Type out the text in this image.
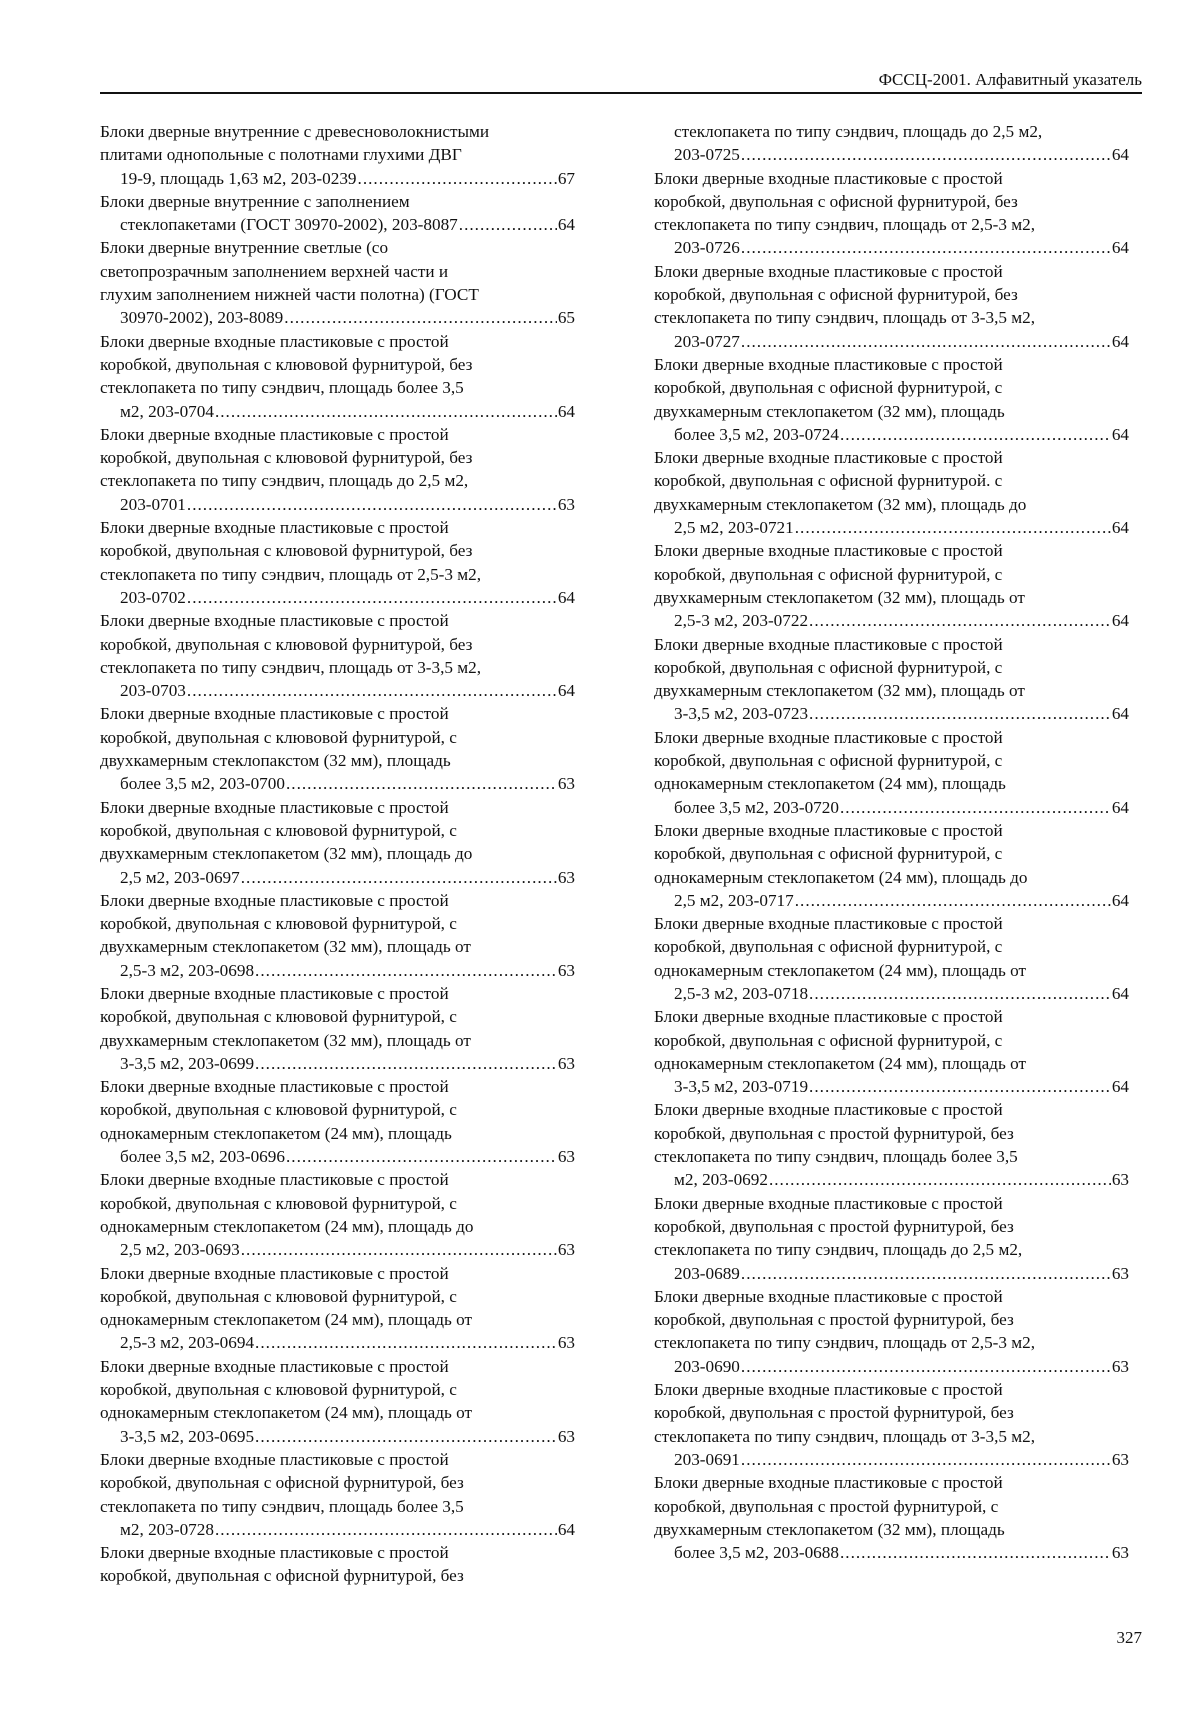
ФССЦ-2001. Алфавитный указатель
Блоки дверные внутренние с древесноволокнистыми
плитами однопольные с полотнами глухими ДВГ
19-9, площадь 1,63 м2, 203-0239 .....	67
Блоки дверные внутренние с заполнением
стеклопакетами (ГОСТ 30970-2002), 203-8087 .....	64
Блоки дверные внутренние светлые (со
светопрозрачным заполнением верхней части и
глухим заполнением нижней части полотна) (ГОСТ
30970-2002), 203-8089 .....	65
Блоки дверные входные пластиковые с простой
коробкой, двупольная с клювовой фурнитурой, без
стеклопакета по типу сэндвич, площадь более 3,5
м2, 203-0704 .....	64
Блоки дверные входные пластиковые с простой
коробкой, двупольная с клювовой фурнитурой, без
стеклопакета по типу сэндвич, площадь до 2,5 м2,
203-0701 .....	63
Блоки дверные входные пластиковые с простой
коробкой, двупольная с клювовой фурнитурой, без
стеклопакета по типу сэндвич, площадь от 2,5-3 м2,
203-0702 .....	64
Блоки дверные входные пластиковые с простой
коробкой, двупольная с клювовой фурнитурой, без
стеклопакета по типу сэндвич, площадь от 3-3,5 м2,
203-0703 .....	64
Блоки дверные входные пластиковые с простой
коробкой, двупольная с клювовой фурнитурой, с
двухкамерным стеклопакстом (32 мм), площадь
более 3,5 м2, 203-0700 .....	63
Блоки дверные входные пластиковые с простой
коробкой, двупольная с клювовой фурнитурой, с
двухкамерным стеклопакетом (32 мм), площадь до
2,5 м2, 203-0697 .....	63
Блоки дверные входные пластиковые с простой
коробкой, двупольная с клювовой фурнитурой, с
двухкамерным стеклопакетом (32 мм), площадь от
2,5-3 м2, 203-0698 .....	63
Блоки дверные входные пластиковые с простой
коробкой, двупольная с клювовой фурнитурой, с
двухкамерным стеклопакетом (32 мм), площадь от
3-3,5 м2, 203-0699 .....	63
Блоки дверные входные пластиковые с простой
коробкой, двупольная с клювовой фурнитурой, с
однокамерным стеклопакетом (24 мм), площадь
более 3,5 м2, 203-0696 .....	63
Блоки дверные входные пластиковые с простой
коробкой, двупольная с клювовой фурнитурой, с
однокамерным стеклопакетом (24 мм), площадь до
2,5 м2, 203-0693 .....	63
Блоки дверные входные пластиковые с простой
коробкой, двупольная с клювовой фурнитурой, с
однокамерным стеклопакетом (24 мм), площадь от
2,5-3 м2, 203-0694 .....	63
Блоки дверные входные пластиковые с простой
коробкой, двупольная с клювовой фурнитурой, с
однокамерным стеклопакетом (24 мм), площадь от
3-3,5 м2, 203-0695 .....	63
Блоки дверные входные пластиковые с простой
коробкой, двупольная с офисной фурнитурой, без
стеклопакета по типу сэндвич, площадь более 3,5
м2, 203-0728 .....	64
Блоки дверные входные пластиковые с простой
коробкой, двупольная с офисной фурнитурой, без
стеклопакета по типу сэндвич, площадь до 2,5 м2,
203-0725 .....	64
Блоки дверные входные пластиковые с простой
коробкой, двупольная с офисной фурнитурой, без
стеклопакета по типу сэндвич, площадь от 2,5-3 м2,
203-0726 .....	64
Блоки дверные входные пластиковые с простой
коробкой, двупольная с офисной фурнитурой, без
стеклопакета по типу сэндвич, площадь от 3-3,5 м2,
203-0727 .....	64
Блоки дверные входные пластиковые с простой
коробкой, двупольная с офисной фурнитурой, с
двухкамерным стеклопакетом (32 мм), площадь
более 3,5 м2, 203-0724 .....	64
Блоки дверные входные пластиковые с простой
коробкой, двупольная с офисной фурнитурой. с
двухкамерным стеклопакетом (32 мм), площадь до
2,5 м2, 203-0721 .....	64
Блоки дверные входные пластиковые с простой
коробкой, двупольная с офисной фурнитурой, с
двухкамерным стеклопакетом (32 мм), площадь от
2,5-3 м2, 203-0722 .....	64
Блоки дверные входные пластиковые с простой
коробкой, двупольная с офисной фурнитурой, с
двухкамерным стеклопакетом (32 мм), площадь от
3-3,5 м2, 203-0723 .....	64
Блоки дверные входные пластиковые с простой
коробкой, двупольная с офисной фурнитурой, с
однокамерным стеклопакетом (24 мм), площадь
более 3,5 м2, 203-0720 .....	64
Блоки дверные входные пластиковые с простой
коробкой, двупольная с офисной фурнитурой, с
однокамерным стеклопакетом (24 мм), площадь до
2,5 м2, 203-0717 .....	64
Блоки дверные входные пластиковые с простой
коробкой, двупольная с офисной фурнитурой, с
однокамерным стеклопакетом (24 мм), площадь от
2,5-3 м2, 203-0718 .....	64
Блоки дверные входные пластиковые с простой
коробкой, двупольная с офисной фурнитурой, с
однокамерным стеклопакетом (24 мм), площадь от
3-3,5 м2, 203-0719 .....	64
Блоки дверные входные пластиковые с простой
коробкой, двупольная с простой фурнитурой, без
стеклопакета по типу сэндвич, площадь более 3,5
м2, 203-0692 .....	63
Блоки дверные входные пластиковые с простой
коробкой, двупольная с простой фурнитурой, без
стеклопакета по типу сэндвич, площадь до 2,5 м2,
203-0689 .....	63
Блоки дверные входные пластиковые с простой
коробкой, двупольная с простой фурнитурой, без
стеклопакета по типу сэндвич, площадь от 2,5-3 м2,
203-0690 .....	63
Блоки дверные входные пластиковые с простой
коробкой, двупольная с простой фурнитурой, без
стеклопакета по типу сэндвич, площадь от 3-3,5 м2,
203-0691 .....	63
Блоки дверные входные пластиковые с простой
коробкой, двупольная с простой фурнитурой, с
двухкамерным стеклопакетом (32 мм), площадь
более 3,5 м2, 203-0688 .....	63
327
